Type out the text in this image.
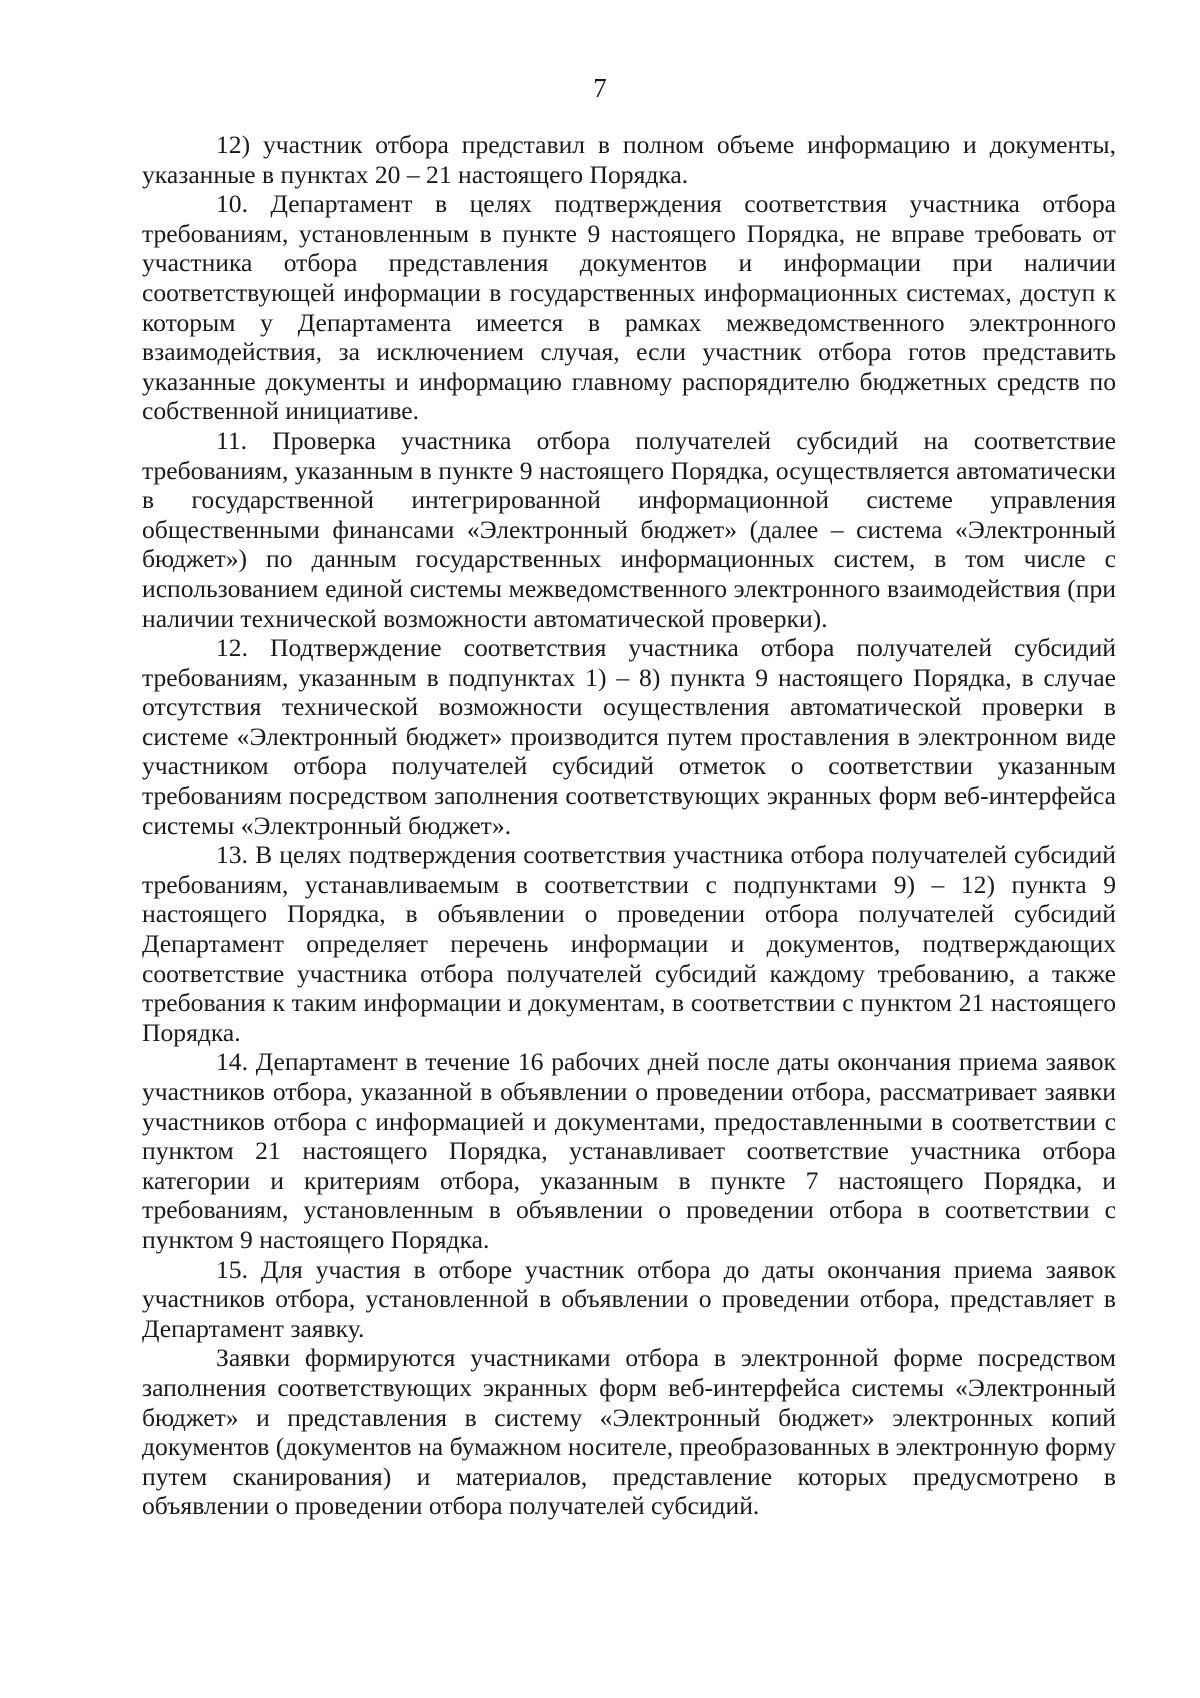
7

12) участник отбора представил в полном объеме информацию и документы, указанные в пунктах 20 – 21 настоящего Порядка.

10. Департамент в целях подтверждения соответствия участника отбора требованиям, установленным в пункте 9 настоящего Порядка, не вправе требовать от участника отбора представления документов и информации при наличии соответствующей информации в государственных информационных системах, доступ к которым у Департамента имеется в рамках межведомственного электронного взаимодействия, за исключением случая, если участник отбора готов представить указанные документы и информацию главному распорядителю бюджетных средств по собственной инициативе.

11. Проверка участника отбора получателей субсидий на соответствие требованиям, указанным в пункте 9 настоящего Порядка, осуществляется автоматически в государственной интегрированной информационной системе управления общественными финансами «Электронный бюджет» (далее – система «Электронный бюджет») по данным государственных информационных систем, в том числе с использованием единой системы межведомственного электронного взаимодействия (при наличии технической возможности автоматической проверки).

12. Подтверждение соответствия участника отбора получателей субсидий требованиям, указанным в подпунктах 1) – 8) пункта 9 настоящего Порядка, в случае отсутствия технической возможности осуществления автоматической проверки в системе «Электронный бюджет» производится путем проставления в электронном виде участником отбора получателей субсидий отметок о соответствии указанным требованиям посредством заполнения соответствующих экранных форм веб-интерфейса системы «Электронный бюджет».

13. В целях подтверждения соответствия участника отбора получателей субсидий требованиям, устанавливаемым в соответствии с подпунктами 9) – 12) пункта 9 настоящего Порядка, в объявлении о проведении отбора получателей субсидий Департамент определяет перечень информации и документов, подтверждающих соответствие участника отбора получателей субсидий каждому требованию, а также требования к таким информации и документам, в соответствии с пунктом 21 настоящего Порядка.

14. Департамент в течение 16 рабочих дней после даты окончания приема заявок участников отбора, указанной в объявлении о проведении отбора, рассматривает заявки участников отбора с информацией и документами, предоставленными в соответствии с пунктом 21 настоящего Порядка, устанавливает соответствие участника отбора категории и критериям отбора, указанным в пункте 7 настоящего Порядка, и требованиям, установленным в объявлении о проведении отбора в соответствии с пунктом 9 настоящего Порядка.

15. Для участия в отборе участник отбора до даты окончания приема заявок участников отбора, установленной в объявлении о проведении отбора, представляет в Департамент заявку.

Заявки формируются участниками отбора в электронной форме посредством заполнения соответствующих экранных форм веб-интерфейса системы «Электронный бюджет» и представления в систему «Электронный бюджет» электронных копий документов (документов на бумажном носителе, преобразованных в электронную форму путем сканирования) и материалов, представление которых предусмотрено в объявлении о проведении отбора получателей субсидий.
